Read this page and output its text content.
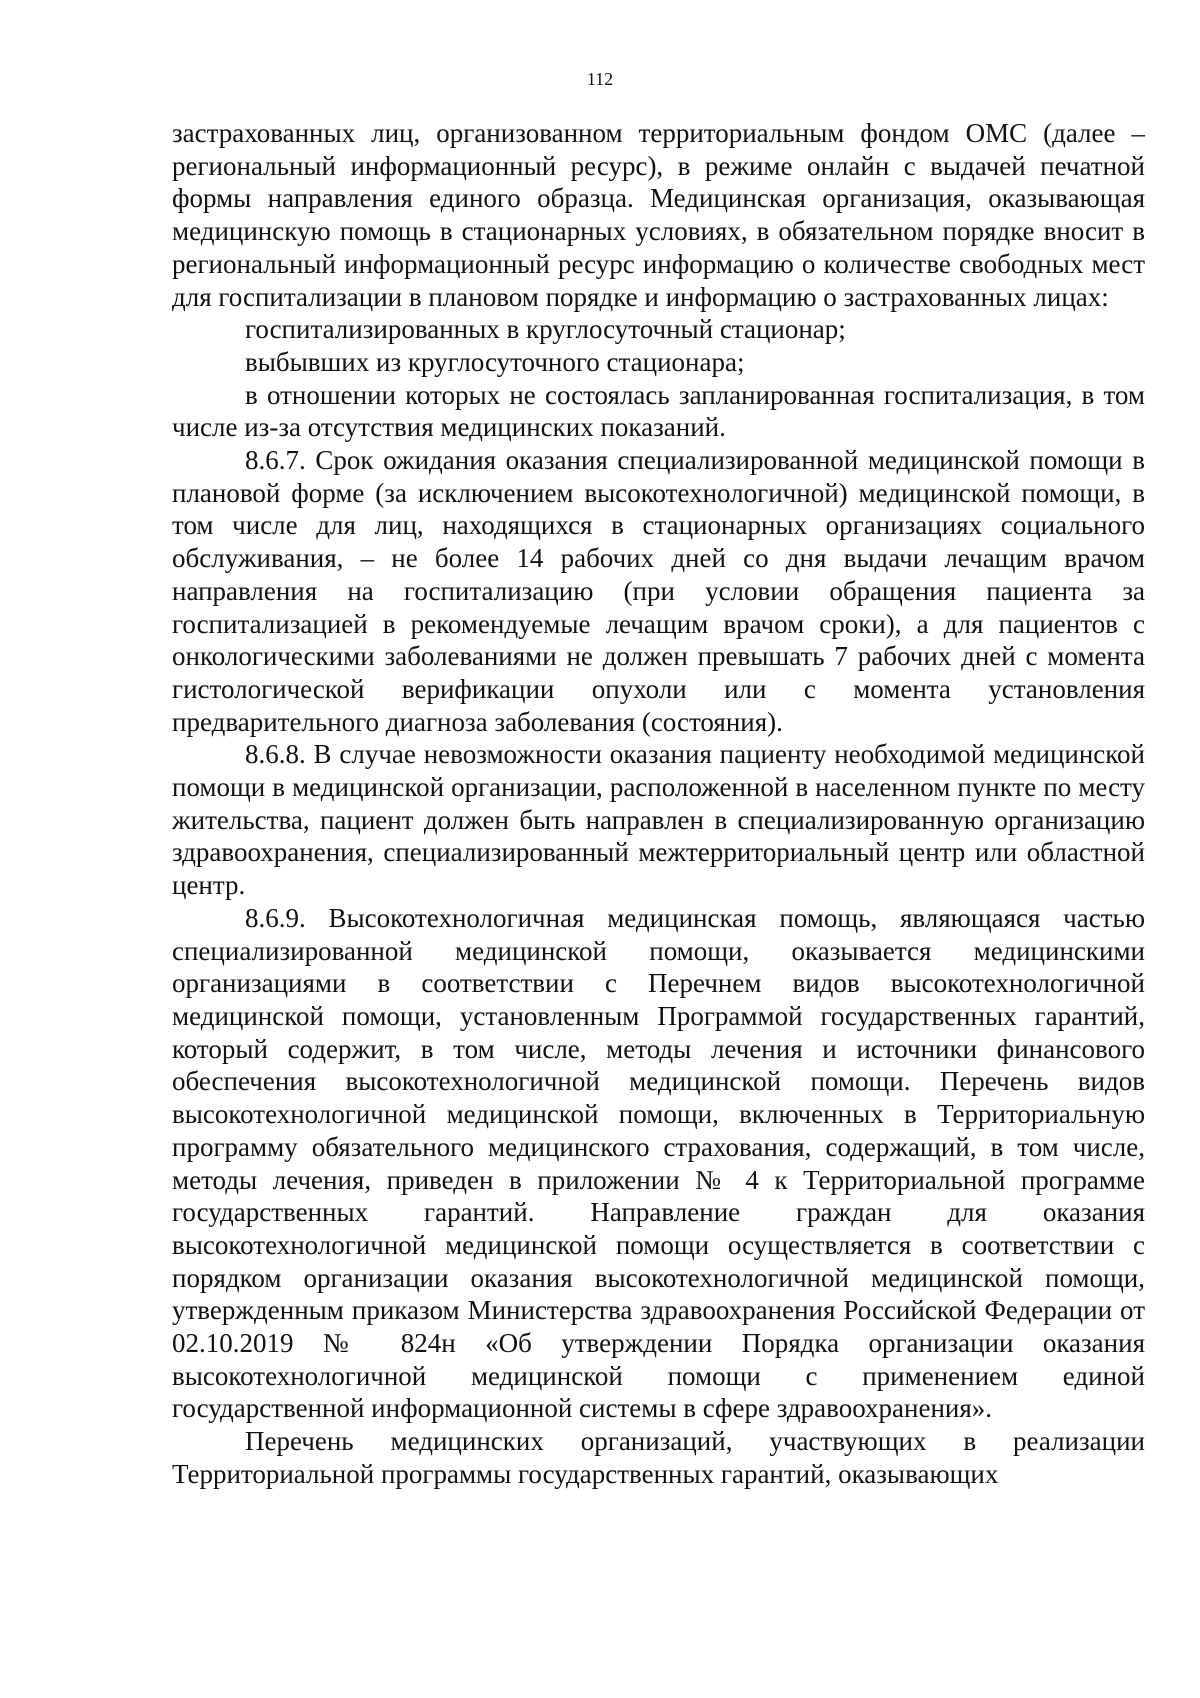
112

застрахованных лиц, организованном территориальным фондом ОМС (далее – региональный информационный ресурс), в режиме онлайн с выдачей печатной формы направления единого образца. Медицинская организация, оказывающая медицинскую помощь в стационарных условиях, в обязательном порядке вносит в региональный информационный ресурс информацию о количестве свободных мест для госпитализации в плановом порядке и информацию о застрахованных лицах:

госпитализированных в круглосуточный стационар;

выбывших из круглосуточного стационара;

в отношении которых не состоялась запланированная госпитализация, в том числе из-за отсутствия медицинских показаний.

8.6.7. Срок ожидания оказания специализированной медицинской помощи в плановой форме (за исключением высокотехнологичной) медицинской помощи, в том числе для лиц, находящихся в стационарных организациях социального обслуживания, – не более 14 рабочих дней со дня выдачи лечащим врачом направления на госпитализацию (при условии обращения пациента за госпитализацией в рекомендуемые лечащим врачом сроки), а для пациентов с онкологическими заболеваниями не должен превышать 7 рабочих дней с момента гистологической верификации опухоли или с момента установления предварительного диагноза заболевания (состояния).

8.6.8. В случае невозможности оказания пациенту необходимой медицинской помощи в медицинской организации, расположенной в населенном пункте по месту жительства, пациент должен быть направлен в специализированную организацию здравоохранения, специализированный межтерриториальный центр или областной центр.

8.6.9. Высокотехнологичная медицинская помощь, являющаяся частью специализированной медицинской помощи, оказывается медицинскими организациями в соответствии с Перечнем видов высокотехнологичной медицинской помощи, установленным Программой государственных гарантий, который содержит, в том числе, методы лечения и источники финансового обеспечения высокотехнологичной медицинской помощи. Перечень видов высокотехнологичной медицинской помощи, включенных в Территориальную программу обязательного медицинского страхования, содержащий, в том числе, методы лечения, приведен в приложении № 4 к Территориальной программе государственных гарантий. Направление граждан для оказания высокотехнологичной медицинской помощи осуществляется в соответствии с порядком организации оказания высокотехнологичной медицинской помощи, утвержденным приказом Министерства здравоохранения Российской Федерации от 02.10.2019 № 824н «Об утверждении Порядка организации оказания высокотехнологичной медицинской помощи с применением единой государственной информационной системы в сфере здравоохранения».

Перечень медицинских организаций, участвующих в реализации Территориальной программы государственных гарантий, оказывающих
